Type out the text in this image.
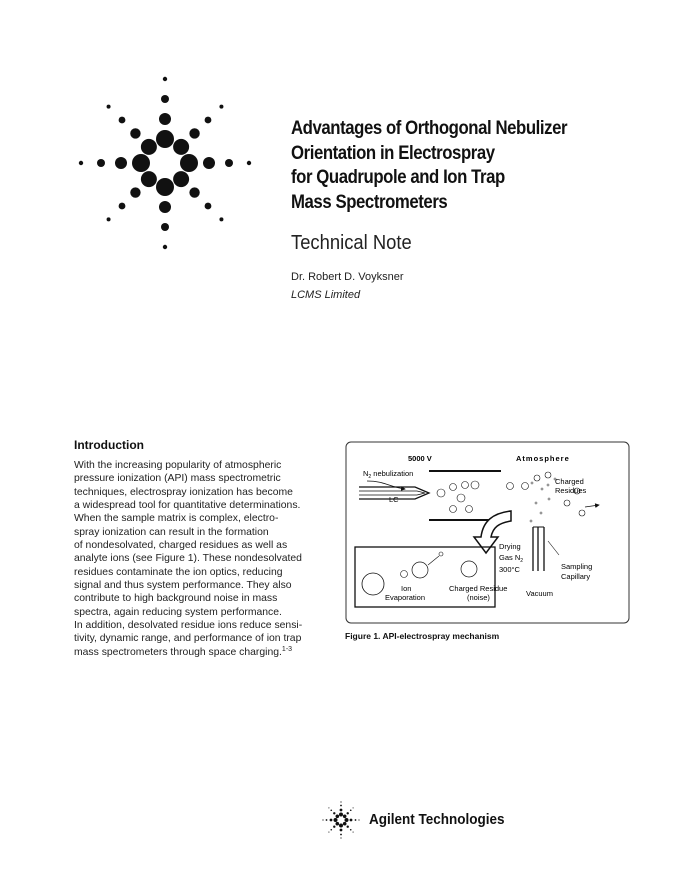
Advantages of Orthogonal Nebulizer
Orientation in Electrospray
for Quadrupole and Ion Trap
Mass Spectrometers
Technical Note
Dr. Robert D. Voyksner
LCMS Limited
Introduction
With the increasing popularity of atmospheric
pressure ionization (API) mass spectrometric
techniques, electrospray ionization has become
a widespread tool for quantitative determinations.
When the sample matrix is complex, electro-
spray ionization can result in the formation
of nondesolvated, charged residues as well as
analyte ions (see Figure 1). These nondesolvated
residues contaminate the ion optics, reducing
signal and thus system performance. They also
contribute to high background noise in mass
spectra, again reducing system performance.
In addition, desolvated residue ions reduce sensi-
tivity, dynamic range, and performance of ion trap
mass spectrometers through space charging.$^{1-3}$
5000 V	Atmosphere
$N_2$ nebulization
LC
Charged
Residues
Ion
Evaporation
Charged Residue
(noise)
Drying
Gas $N_2$
300°C	Sampling
Capillary
Vacuum
Figure 1. API-electrospray mechanism
Agilent Technologies
